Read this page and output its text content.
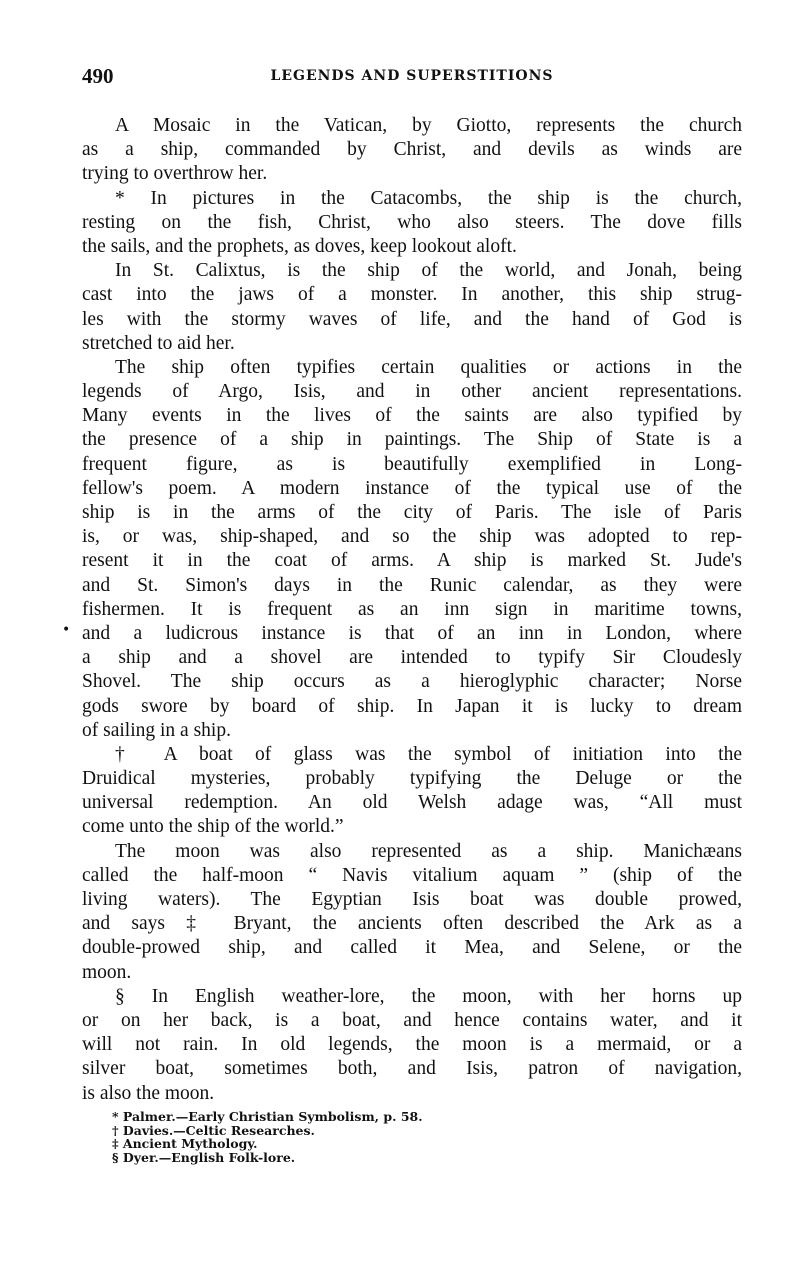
490	LEGENDS AND SUPERSTITIONS
•
A Mosaic in the Vatican, by Giotto, represents the church
as a ship, commanded by Christ, and devils as winds are
trying to overthrow her.
* In pictures in the Catacombs, the ship is the church,
resting on the fish, Christ, who also steers. The dove fills
the sails, and the prophets, as doves, keep lookout aloft.
In St. Calixtus, is the ship of the world, and Jonah, being
cast into the jaws of a monster. In another, this ship strug-
les with the stormy waves of life, and the hand of God is
stretched to aid her.
The ship often typifies certain qualities or actions in the
legends of Argo, Isis, and in other ancient representations.
Many events in the lives of the saints are also typified by
the presence of a ship in paintings. The Ship of State is a
frequent figure, as is beautifully exemplified in Long-
fellow's poem. A modern instance of the typical use of the
ship is in the arms of the city of Paris. The isle of Paris
is, or was, ship-shaped, and so the ship was adopted to rep-
resent it in the coat of arms. A ship is marked St. Jude's
and St. Simon's days in the Runic calendar, as they were
fishermen. It is frequent as an inn sign in maritime towns,
and a ludicrous instance is that of an inn in London, where
a ship and a shovel are intended to typify Sir Cloudesly
Shovel. The ship occurs as a hieroglyphic character; Norse
gods swore by board of ship. In Japan it is lucky to dream
of sailing in a ship.
† A boat of glass was the symbol of initiation into the
Druidical mysteries, probably typifying the Deluge or the
universal redemption. An old Welsh adage was, “All must
come unto the ship of the world.”
The moon was also represented as a ship. Manichæans
called the half-moon “ Navis vitalium aquam ” (ship of the
living waters). The Egyptian Isis boat was double prowed,
and says ‡ Bryant, the ancients often described the Ark as a
double-prowed ship, and called it Mea, and Selene, or the
moon.
§ In English weather-lore, the moon, with her horns up
or on her back, is a boat, and hence contains water, and it
will not rain. In old legends, the moon is a mermaid, or a
silver boat, sometimes both, and Isis, patron of navigation,
is also the moon.
* Palmer.—Early Christian Symbolism, p. 58.
† Davies.—Celtic Researches.
‡ Ancient Mythology.
§ Dyer.—English Folk-lore.
